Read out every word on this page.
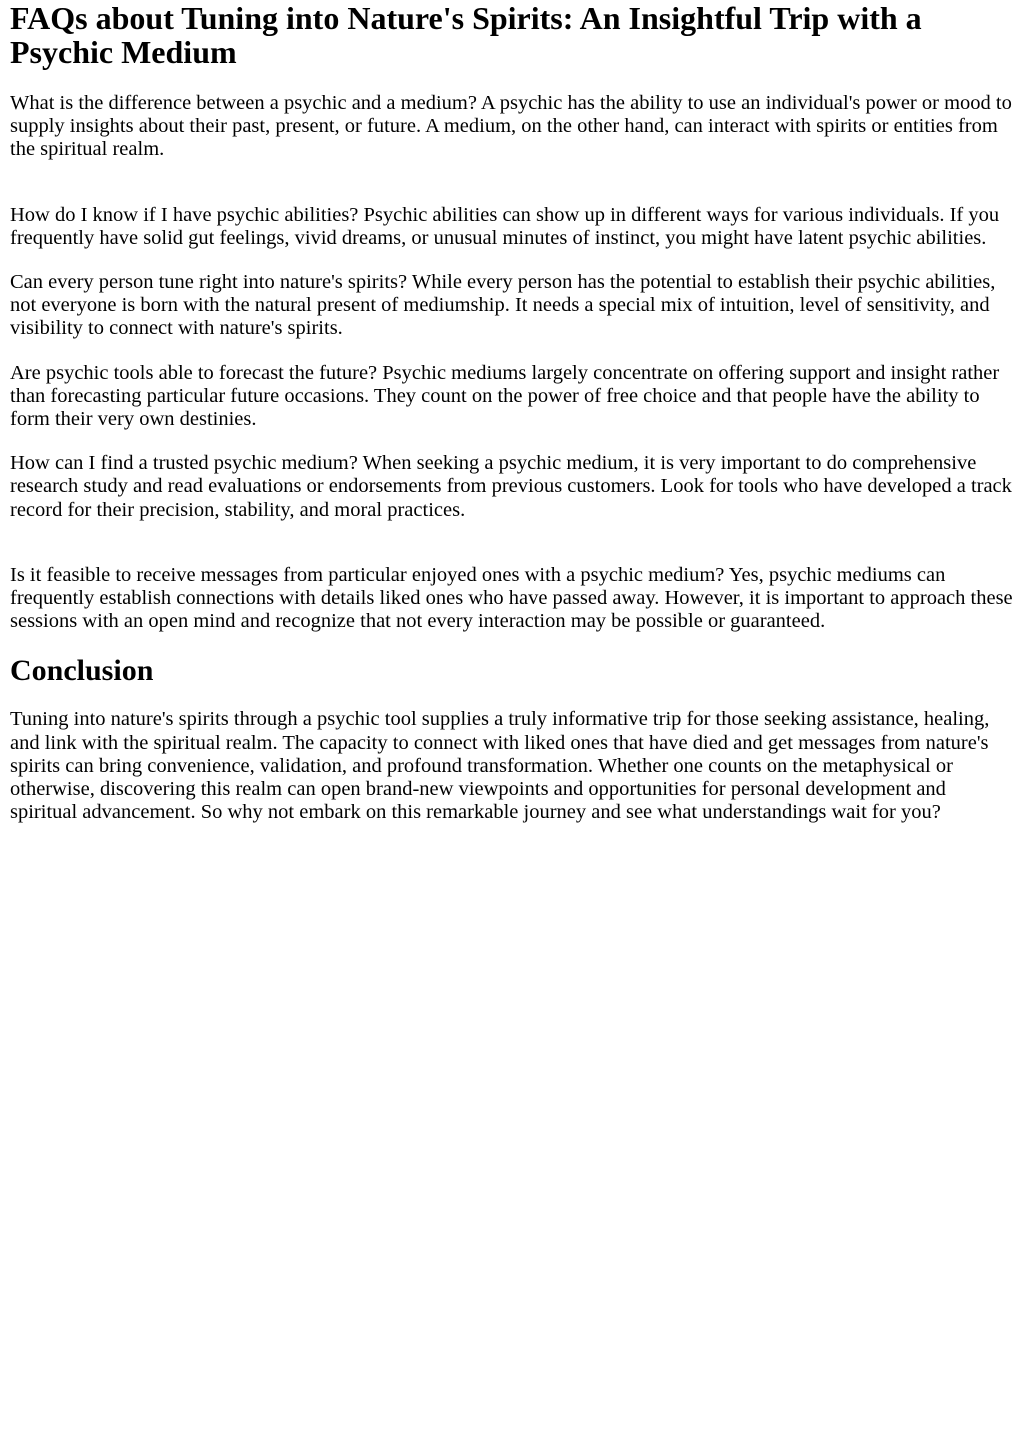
FAQs about Tuning into Nature's Spirits: An Insightful Trip with a Psychic Medium

What is the difference between a psychic and a medium? A psychic has the ability to use an individual's power or mood to supply insights about their past, present, or future. A medium, on the other hand, can interact with spirits or entities from the spiritual realm.

How do I know if I have psychic abilities? Psychic abilities can show up in different ways for various individuals. If you frequently have solid gut feelings, vivid dreams, or unusual minutes of instinct, you might have latent psychic abilities.

Can every person tune right into nature's spirits? While every person has the potential to establish their psychic abilities, not everyone is born with the natural present of mediumship. It needs a special mix of intuition, level of sensitivity, and visibility to connect with nature's spirits.

Are psychic tools able to forecast the future? Psychic mediums largely concentrate on offering support and insight rather than forecasting particular future occasions. They count on the power of free choice and that people have the ability to form their very own destinies.

How can I find a trusted psychic medium? When seeking a psychic medium, it is very important to do comprehensive research study and read evaluations or endorsements from previous customers. Look for tools who have developed a track record for their precision, stability, and moral practices.

Is it feasible to receive messages from particular enjoyed ones with a psychic medium? Yes, psychic mediums can frequently establish connections with details liked ones who have passed away. However, it is important to approach these sessions with an open mind and recognize that not every interaction may be possible or guaranteed.

Conclusion

Tuning into nature's spirits through a psychic tool supplies a truly informative trip for those seeking assistance, healing, and link with the spiritual realm. The capacity to connect with liked ones that have died and get messages from nature's spirits can bring convenience, validation, and profound transformation. Whether one counts on the metaphysical or otherwise, discovering this realm can open brand-new viewpoints and opportunities for personal development and spiritual advancement. So why not embark on this remarkable journey and see what understandings wait for you?
